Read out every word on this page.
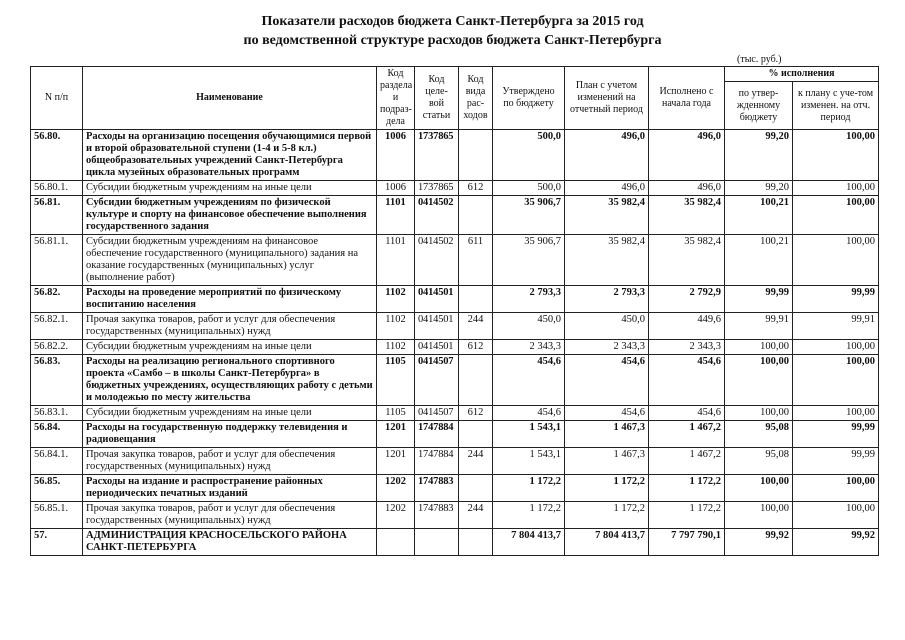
Показатели расходов бюджета Санкт-Петербурга за 2015 год
по ведомственной структуре расходов бюджета Санкт-Петербурга
(тыс. руб.)
N п/п	Наименование	Код раздела и подраз-дела	Код целе-вой статьи	Код вида рас-ходов	Утверждено по бюджету	План с учетом изменений на отчетный период	Исполнено с начала года	% исполнения	
								по утвер-жденному бюджету	к плану с уче-том изменен. на отч. период
56.80.	Расходы на организацию посещения обучающимися первой и второй образовательной ступени (1-4 и 5-8 кл.) общеобразовательных учреждений Санкт-Петербурга цикла музейных образовательных программ	1006	1737865		500,0	496,0	496,0	99,20	100,00
56.80.1.	Субсидии бюджетным учреждениям на иные цели	1006	1737865	612	500,0	496,0	496,0	99,20	100,00
56.81.	Субсидии бюджетным учреждениям по физической культуре и спорту на финансовое обеспечение выполнения государственного задания	1101	0414502		35 906,7	35 982,4	35 982,4	100,21	100,00
56.81.1.	Субсидии бюджетным учреждениям на финансовое обеспечение государственного (муниципального) задания на оказание государственных (муниципальных) услуг (выполнение работ)	1101	0414502	611	35 906,7	35 982,4	35 982,4	100,21	100,00
56.82.	Расходы на проведение мероприятий по физическому воспитанию населения	1102	0414501		2 793,3	2 793,3	2 792,9	99,99	99,99
56.82.1.	Прочая закупка товаров, работ и услуг для обеспечения государственных (муниципальных) нужд	1102	0414501	244	450,0	450,0	449,6	99,91	99,91
56.82.2.	Субсидии бюджетным учреждениям на иные цели	1102	0414501	612	2 343,3	2 343,3	2 343,3	100,00	100,00
56.83.	Расходы на реализацию регионального спортивного проекта «Самбо – в школы Санкт-Петербурга» в бюджетных учреждениях, осуществляющих работу с детьми и молодежью по месту жительства	1105	0414507		454,6	454,6	454,6	100,00	100,00
56.83.1.	Субсидии бюджетным учреждениям на иные цели	1105	0414507	612	454,6	454,6	454,6	100,00	100,00
56.84.	Расходы на государственную поддержку телевидения и радиовещания	1201	1747884		1 543,1	1 467,3	1 467,2	95,08	99,99
56.84.1.	Прочая закупка товаров, работ и услуг для обеспечения государственных (муниципальных) нужд	1201	1747884	244	1 543,1	1 467,3	1 467,2	95,08	99,99
56.85.	Расходы на издание и распространение районных периодических печатных изданий	1202	1747883		1 172,2	1 172,2	1 172,2	100,00	100,00
56.85.1.	Прочая закупка товаров, работ и услуг для обеспечения государственных (муниципальных) нужд	1202	1747883	244	1 172,2	1 172,2	1 172,2	100,00	100,00
57.	АДМИНИСТРАЦИЯ КРАСНОСЕЛЬСКОГО РАЙОНА САНКТ-ПЕТЕРБУРГА				7 804 413,7	7 804 413,7	7 797 790,1	99,92	99,92
